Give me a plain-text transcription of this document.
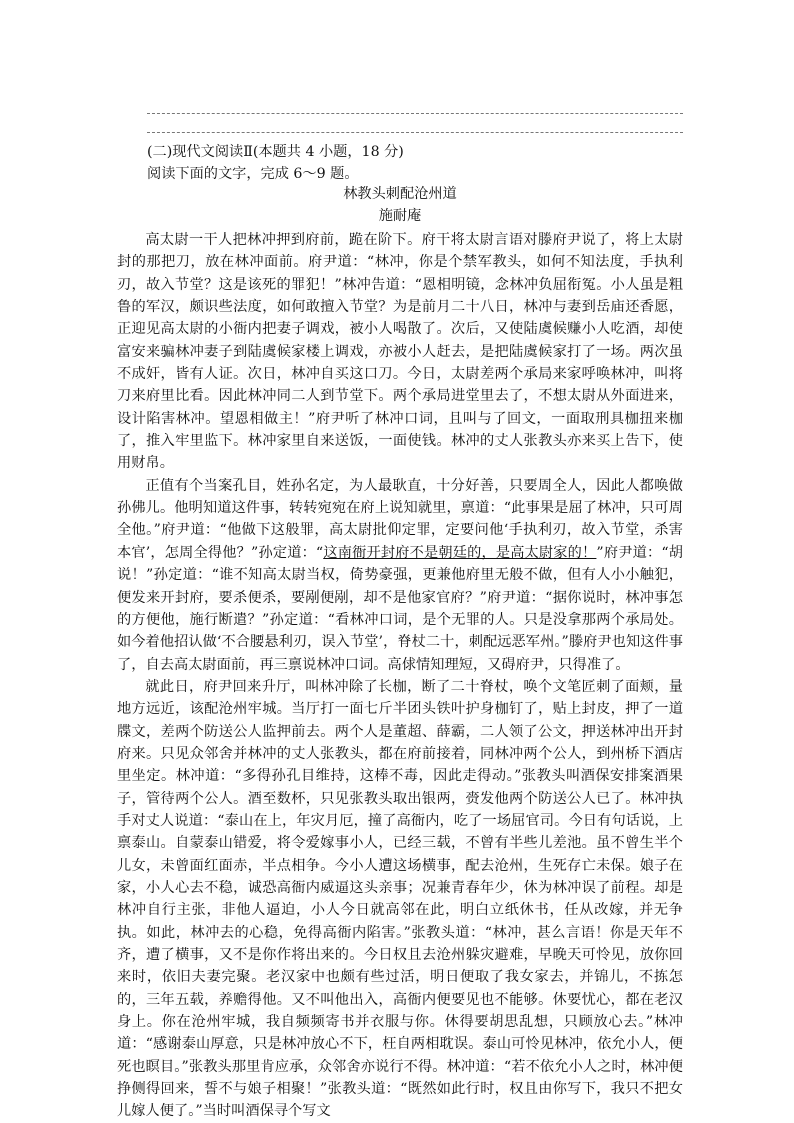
(二)现代文阅读Ⅱ(本题共 4 小题，18 分)
阅读下面的文字，完成 6～9 题。
林教头刺配沧州道
施耐庵

高太尉一干人把林冲押到府前，跪在阶下。府干将太尉言语对滕府尹说了，将上太尉封的那把刀，放在林冲面前。府尹道：“林冲，你是个禁军教头，如何不知法度，手执利刃，故入节堂？这是该死的罪犯！”林冲告道：“恩相明镜，念林冲负屈衔冤。小人虽是粗鲁的军汉，颇识些法度，如何敢擅入节堂？为是前月二十八日，林冲与妻到岳庙还香愿，正迎见高太尉的小衙内把妻子调戏，被小人喝散了。次后，又使陆虞候赚小人吃酒，却使富安来骗林冲妻子到陆虞候家楼上调戏，亦被小人赶去，是把陆虞候家打了一场。两次虽不成奸，皆有人证。次日，林冲自买这口刀。今日，太尉差两个承局来家呼唤林冲，叫将刀来府里比看。因此林冲同二人到节堂下。两个承局进堂里去了，不想太尉从外面进来，设计陷害林冲。望恩相做主！”府尹听了林冲口词，且叫与了回文，一面取刑具枷扭来枷了，推入牢里监下。林冲家里自来送饭，一面使钱。林冲的丈人张教头亦来买上告下，使用财帛。

正值有个当案孔目，姓孙名定，为人最耿直，十分好善，只要周全人，因此人都唤做孙佛儿。他明知道这件事，转转宛宛在府上说知就里，禀道：“此事果是屈了林冲，只可周全他。”府尹道：“他做下这般罪，高太尉批仰定罪，定要问他‘手执利刃，故入节堂，杀害本官’，怎周全得他？”孙定道：“这南衙开封府不是朝廷的，是高太尉家的！”府尹道：“胡说！”孙定道：“谁不知高太尉当权，倚势豪强，更兼他府里无般不做，但有人小小触犯，便发来开封府，要杀便杀，要剐便剐，却不是他家官府？”府尹道：“据你说时，林冲事怎的方便他，施行断遣？”孙定道：“看林冲口词，是个无罪的人。只是没拿那两个承局处。如今着他招认做‘不合腰悬利刃，误入节堂’，脊杖二十，刺配远恶军州。”滕府尹也知这件事了，自去高太尉面前，再三禀说林冲口词。高俅情知理短，又碍府尹，只得准了。

就此日，府尹回来升厅，叫林冲除了长枷，断了二十脊杖，唤个文笔匠刺了面颊，量地方远近，该配沧州牢城。当厅打一面七斤半团头铁叶护身枷钉了，贴上封皮，押了一道牒文，差两个防送公人监押前去。两个人是董超、薛霸，二人领了公文，押送林冲出开封府来。只见众邻舍并林冲的丈人张教头，都在府前接着，同林冲两个公人，到州桥下酒店里坐定。林冲道：“多得孙孔目维持，这棒不毒，因此走得动。”张教头叫酒保安排案酒果子，管待两个公人。酒至数杯，只见张教头取出银两，赍发他两个防送公人已了。林冲执手对丈人说道：“泰山在上，年灾月厄，撞了高衙内，吃了一场屈官司。今日有句话说，上禀泰山。自蒙泰山错爱，将令爱嫁事小人，已经三载，不曾有半些儿差池。虽不曾生半个儿女，未曾面红面赤，半点相争。今小人遭这场横事，配去沧州，生死存亡未保。娘子在家，小人心去不稳，诚恐高衙内威逼这头亲事；况兼青春年少，休为林冲误了前程。却是林冲自行主张，非他人逼迫，小人今日就高邻在此，明白立纸休书，任从改嫁，并无争执。如此，林冲去的心稳，免得高衙内陷害。”张教头道：“林冲，甚么言语！你是天年不齐，遭了横事，又不是你作将出来的。今日权且去沧州躲灾避难，早晚天可怜见，放你回来时，依旧夫妻完聚。老汉家中也颇有些过活，明日便取了我女家去，并锦儿，不拣怎的，三年五载，养赡得他。又不叫他出入，高衙内便要见也不能够。休要忧心，都在老汉身上。你在沧州牢城，我自频频寄书并衣服与你。休得要胡思乱想，只顾放心去。”林冲道：“感谢泰山厚意，只是林冲放心不下，枉自两相耽误。泰山可怜见林冲，依允小人，便死也瞑目。”张教头那里肯应承，众邻舍亦说行不得。林冲道：“若不依允小人之时，林冲便挣侧得回来，誓不与娘子相聚！”张教头道：“既然如此行时，权且由你写下，我只不把女儿嫁人便了。”当时叫酒保寻个写文
